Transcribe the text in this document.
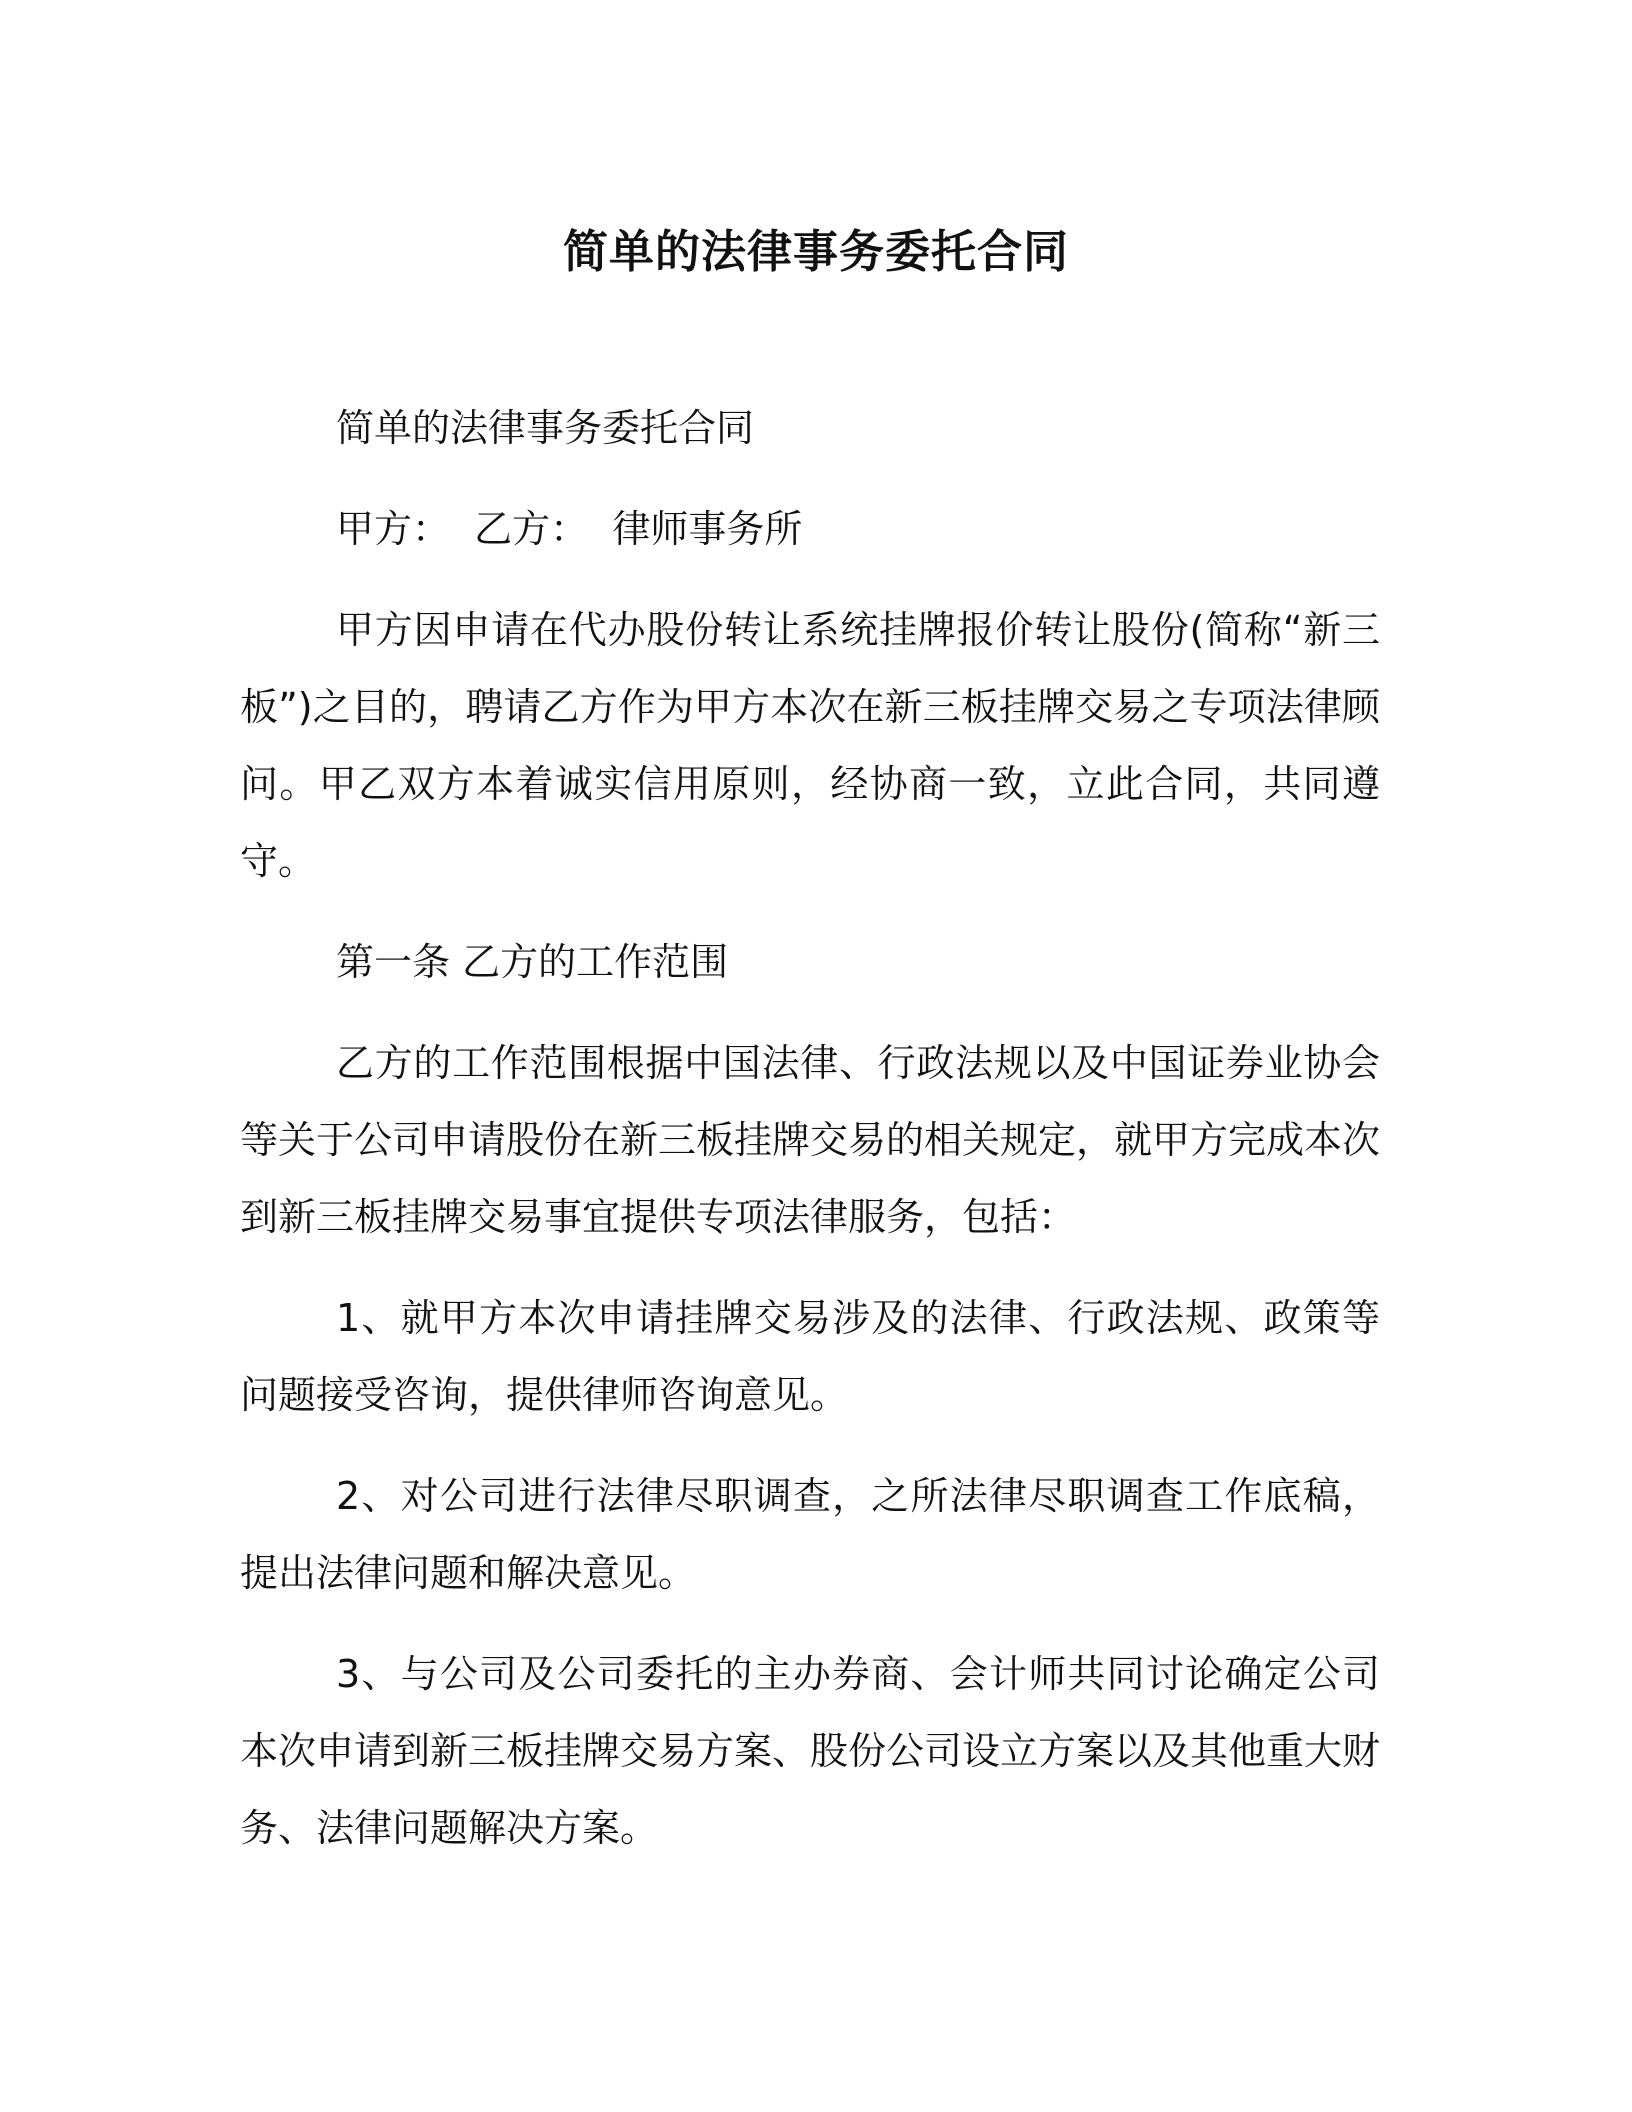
简单的法律事务委托合同

简单的法律事务委托合同

甲方：  乙方：  律师事务所

甲方因申请在代办股份转让系统挂牌报价转让股份(简称“新三板”)之目的，聘请乙方作为甲方本次在新三板挂牌交易之专项法律顾问。甲乙双方本着诚实信用原则，经协商一致，立此合同，共同遵守。

第一条 乙方的工作范围

乙方的工作范围根据中国法律、行政法规以及中国证券业协会等关于公司申请股份在新三板挂牌交易的相关规定，就甲方完成本次到新三板挂牌交易事宜提供专项法律服务，包括：

1、就甲方本次申请挂牌交易涉及的法律、行政法规、政策等问题接受咨询，提供律师咨询意见。

2、对公司进行法律尽职调查，之所法律尽职调查工作底稿，提出法律问题和解决意见。

3、与公司及公司委托的主办券商、会计师共同讨论确定公司本次申请到新三板挂牌交易方案、股份公司设立方案以及其他重大财务、法律问题解决方案。
